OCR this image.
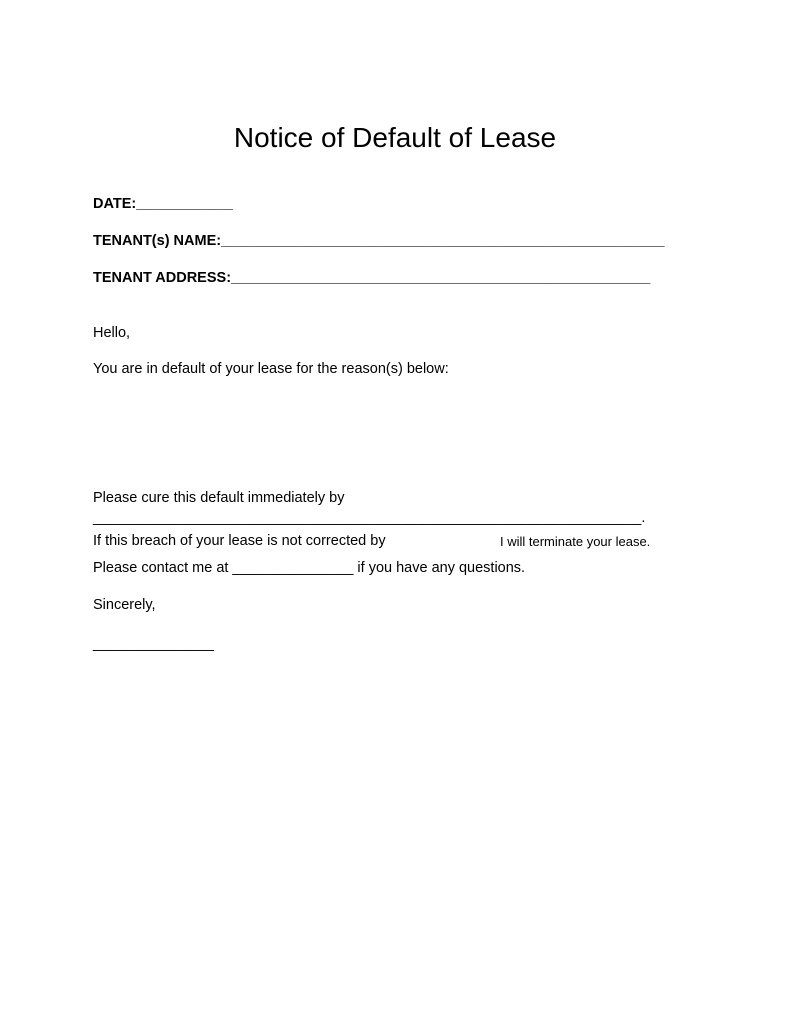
Notice of Default of Lease
DATE:____________
TENANT(s) NAME:_______________________________________________________
TENANT ADDRESS:____________________________________________________
Hello,
You are in default of your lease for the reason(s) below:
Please cure this default immediately by
____________________________________________________________________.
If this breach of your lease is not corrected by	I will terminate your lease.
Please contact me at _______________ if you have any questions.
Sincerely,
_______________
